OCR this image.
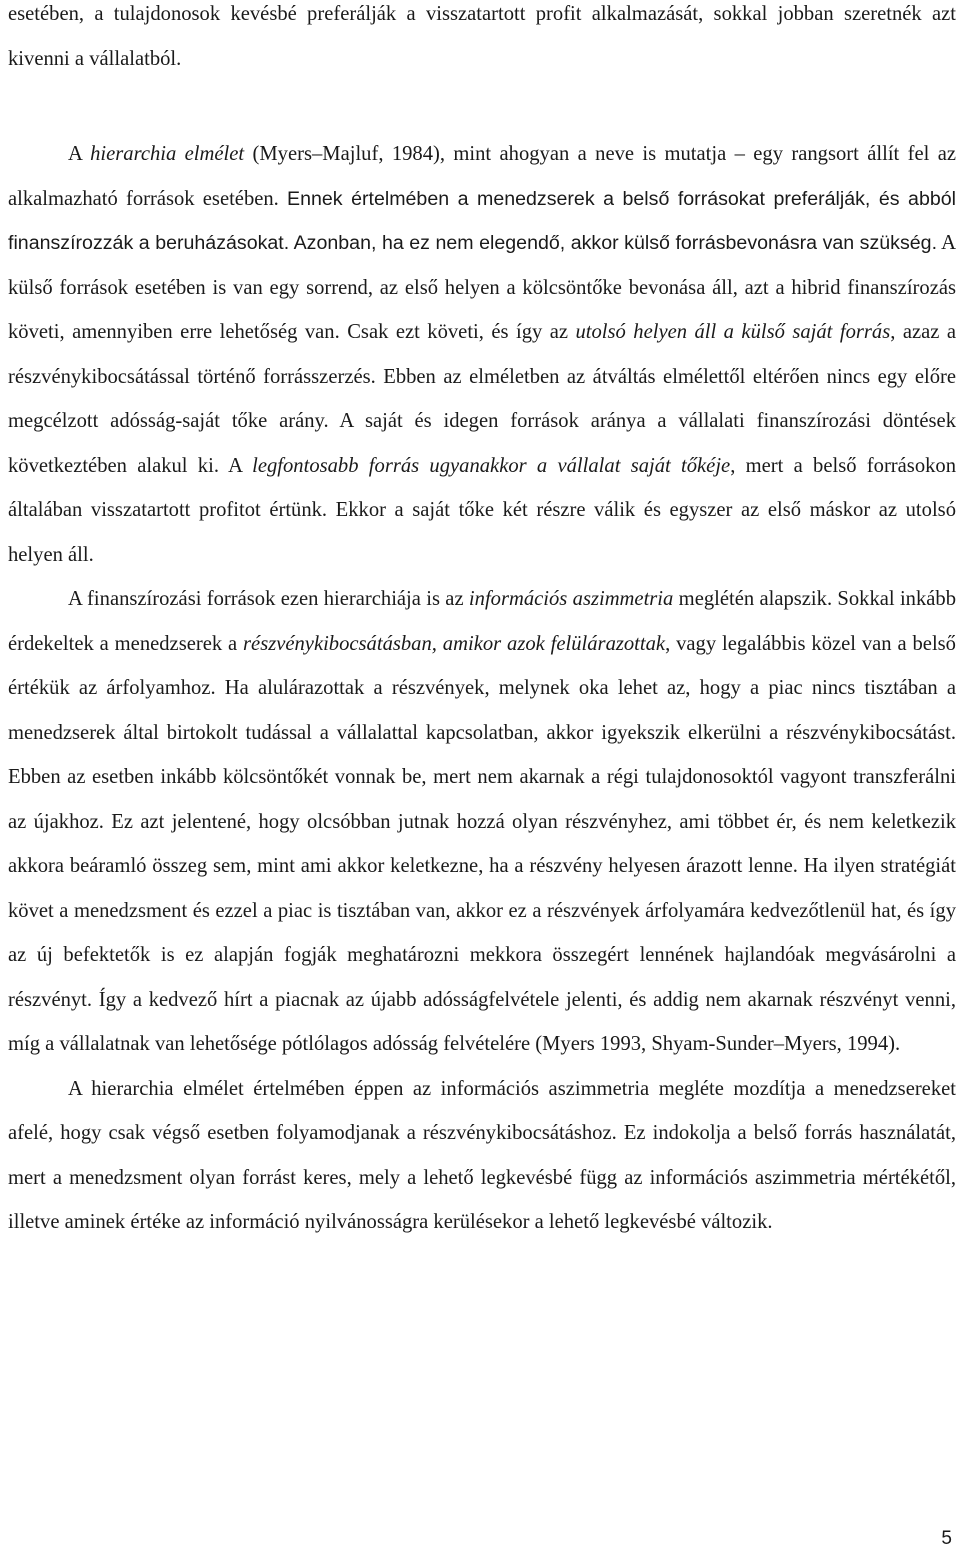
esetében, a tulajdonosok kevésbé preferálják a visszatartott profit alkalmazását, sokkal jobban szeretnék azt kivenni a vállalatból.

A hierarchia elmélet (Myers–Majluf, 1984), mint ahogyan a neve is mutatja – egy rangsort állít fel az alkalmazható források esetében. Ennek értelmében a menedzserek a belső forrásokat preferálják, és abból finanszírozzák a beruházásokat. Azonban, ha ez nem elegendő, akkor külső forrásbevonásra van szükség. A külső források esetében is van egy sorrend, az első helyen a kölcsöntőke bevonása áll, azt a hibrid finanszírozás követi, amennyiben erre lehetőség van. Csak ezt követi, és így az utolsó helyen áll a külső saját forrás, azaz a részvénykibocsátással történő forrásszerzés. Ebben az elméletben az átváltás elmélettől eltérően nincs egy előre megcélzott adósság-saját tőke arány. A saját és idegen források aránya a vállalati finanszírozási döntések következtében alakul ki. A legfontosabb forrás ugyanakkor a vállalat saját tőkéje, mert a belső forrásokon általában visszatartott profitot értünk. Ekkor a saját tőke két részre válik és egyszer az első máskor az utolsó helyen áll.

A finanszírozási források ezen hierarchiája is az információs aszimmetria meglétén alapszik. Sokkal inkább érdekeltek a menedzserek a részvénykibocsátásban, amikor azok felülárazottak, vagy legalábbis közel van a belső értékük az árfolyamhoz. Ha alulárazottak a részvények, melynek oka lehet az, hogy a piac nincs tisztában a menedzserek által birtokolt tudással a vállalattal kapcsolatban, akkor igyekszik elkerülni a részvénykibocsátást. Ebben az esetben inkább kölcsöntőkét vonnak be, mert nem akarnak a régi tulajdonosoktól vagyont transzferálni az újakhoz. Ez azt jelentené, hogy olcsóbban jutnak hozzá olyan részvényhez, ami többet ér, és nem keletkezik akkora beáramló összeg sem, mint ami akkor keletkezne, ha a részvény helyesen árazott lenne. Ha ilyen stratégiát követ a menedzsment és ezzel a piac is tisztában van, akkor ez a részvények árfolyamára kedvezőtlenül hat, és így az új befektetők is ez alapján fogják meghatározni mekkora összegért lennének hajlandóak megvásárolni a részvényt. Így a kedvező hírt a piacnak az újabb adósságfelvétele jelenti, és addig nem akarnak részvényt venni, míg a vállalatnak van lehetősége pótlólagos adósság felvételére (Myers 1993, Shyam-Sunder–Myers, 1994).

A hierarchia elmélet értelmében éppen az információs aszimmetria megléte mozdítja a menedzsereket afelé, hogy csak végső esetben folyamodjanak a részvénykibocsátáshoz. Ez indokolja a belső forrás használatát, mert a menedzsment olyan forrást keres, mely a lehető legkevésbé függ az információs aszimmetria mértékétől, illetve aminek értéke az információ nyilvánosságra kerülésekor a lehető legkevésbé változik.

5
